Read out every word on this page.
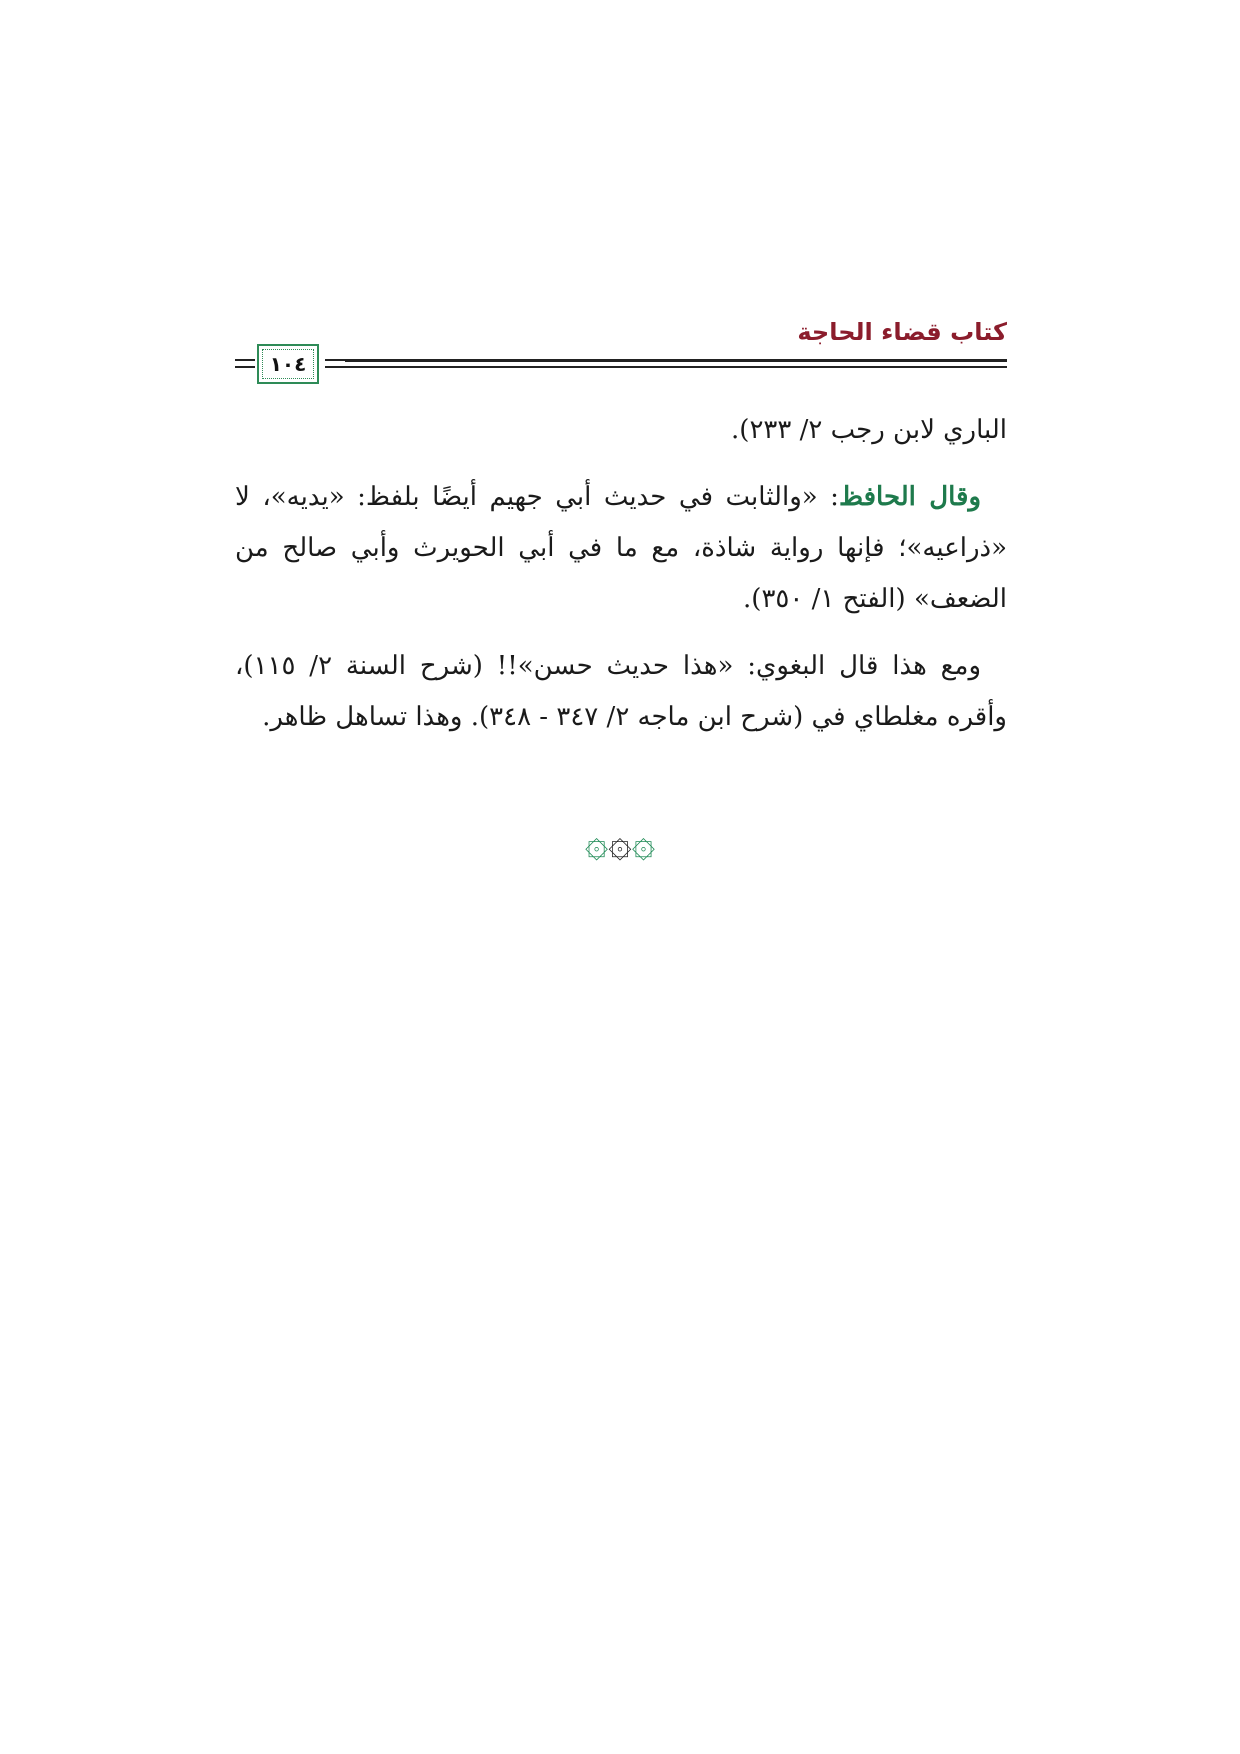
كتاب قضاء الحاجة
١٠٤

الباري لابن رجب ٢/ ٢٣٣).

وقال الحافظ: «والثابت في حديث أبي جهيم أيضًا بلفظ: «يديه»، لا «ذراعيه»؛ فإنها رواية شاذة، مع ما في أبي الحويرث وأبي صالح من الضعف» (الفتح ١/ ٣٥٠).

ومع هذا قال البغوي: «هذا حديث حسن»!! (شرح السنة ٢/ ١١٥)، وأقره مغلطاي في (شرح ابن ماجه ٢/ ٣٤٧ - ٣٤٨). وهذا تساهل ظاهر.

۞۞۞
